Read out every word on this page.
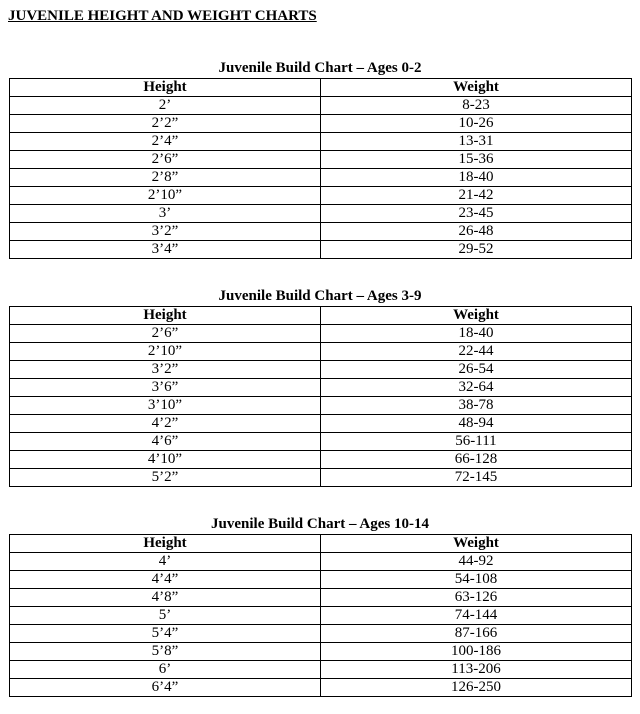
JUVENILE HEIGHT AND WEIGHT CHARTS
Juvenile Build Chart – Ages 0-2
Height	Weight
2’	8-23
2’2”	10-26
2’4”	13-31
2’6”	15-36
2’8”	18-40
2’10”	21-42
3’	23-45
3’2”	26-48
3’4”	29-52
Juvenile Build Chart – Ages 3-9
Height	Weight
2’6”	18-40
2’10”	22-44
3’2”	26-54
3’6”	32-64
3’10”	38-78
4’2”	48-94
4’6”	56-111
4’10”	66-128
5’2”	72-145
Juvenile Build Chart – Ages 10-14
Height	Weight
4’	44-92
4’4”	54-108
4’8”	63-126
5’	74-144
5’4”	87-166
5’8”	100-186
6’	113-206
6’4”	126-250
